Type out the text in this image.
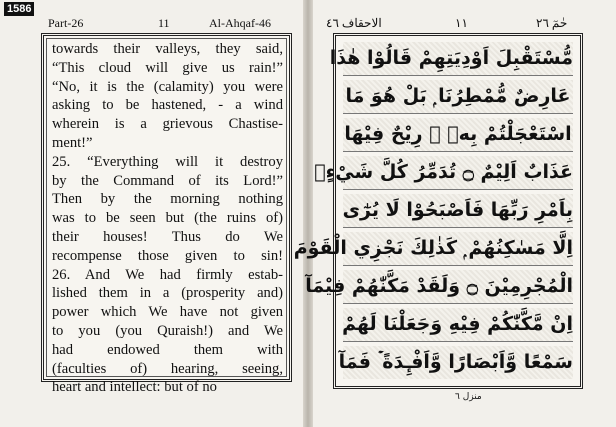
1586
Part-26	11	Al-Ahqaf-46
towards their valleys, they said,
“This cloud will give us rain!”
“No, it is the (calamity) you were
asking to be hastened, - a wind
wherein is a grievous Chastise-
ment!”
25. “Everything will it destroy
by the Command of its Lord!”
Then by the morning nothing
was to be seen but (the ruins of)
their houses! Thus do We
recompense those given to sin!
26. And We had firmly estab-
lished them in a (prosperity and)
power which We have not given
to you (you Quraish!) and We
had endowed them with
(faculties of) hearing, seeing,
heart and intellect: but of no
حٰمٓ ٢٦
١١
الاحقاف ٤٦
مُّسْتَقْبِلَ اَوْدِيَتِهِمْ قَالُوْا هٰذَا
عَارِضٌ مُّمْطِرُنَا ۭ بَلْ هُوَ مَا
اسْتَعْجَلْتُمْ بِهٖ ۭ رِيْحٌ فِيْهَا
عَذَابٌ اَلِيْمٌ ۝ تُدَمِّرُ كُلَّ شَيْءٍۢ
بِاَمْرِ رَبِّهَا فَاَصْبَحُوْا لَا يُرٰٓى
اِلَّا مَسٰكِنُهُمْ ۭ كَذٰلِكَ نَجْزِي الْقَوْمَ
الْمُجْرِمِيْنَ ۝ وَلَقَدْ مَكَّنّٰهُمْ فِيْمَآ
اِنْ مَّكَّنّٰكُمْ فِيْهِ وَجَعَلْنَا لَهُمْ
سَمْعًا وَّاَبْصَارًا وَّاَفْـِٕدَةً ۡ فَمَآ
منزل ٦
